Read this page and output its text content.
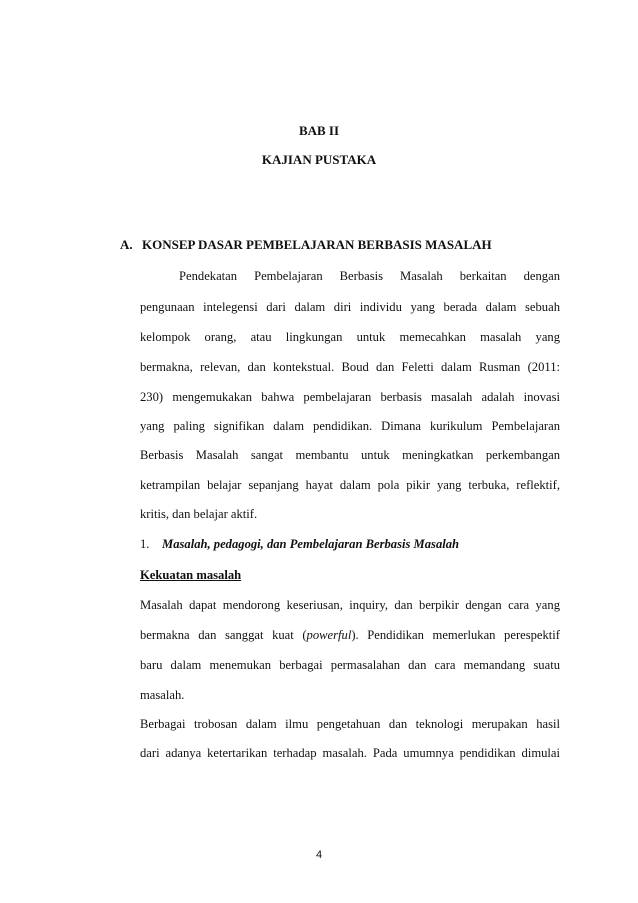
BAB II
KAJIAN PUSTAKA
A. KONSEP DASAR PEMBELAJARAN BERBASIS MASALAH
Pendekatan Pembelajaran Berbasis Masalah berkaitan dengan
pengunaan intelegensi dari dalam diri individu yang berada dalam sebuah
kelompok orang, atau lingkungan untuk memecahkan masalah yang
bermakna, relevan, dan kontekstual. Boud dan Feletti dalam Rusman (2011:
230) mengemukakan bahwa pembelajaran berbasis masalah adalah inovasi
yang paling signifikan dalam pendidikan. Dimana kurikulum Pembelajaran
Berbasis Masalah sangat membantu untuk meningkatkan perkembangan
ketrampilan belajar sepanjang hayat dalam pola pikir yang terbuka, reflektif,
kritis, dan belajar aktif.
1. Masalah, pedagogi, dan Pembelajaran Berbasis Masalah
Kekuatan masalah
Masalah dapat mendorong keseriusan, inquiry, dan berpikir dengan cara yang
bermakna dan sanggat kuat (powerful). Pendidikan memerlukan perespektif
baru dalam menemukan berbagai permasalahan dan cara memandang suatu
masalah.
Berbagai trobosan dalam ilmu pengetahuan dan teknologi merupakan hasil
dari adanya ketertarikan terhadap masalah. Pada umumnya pendidikan dimulai
4
